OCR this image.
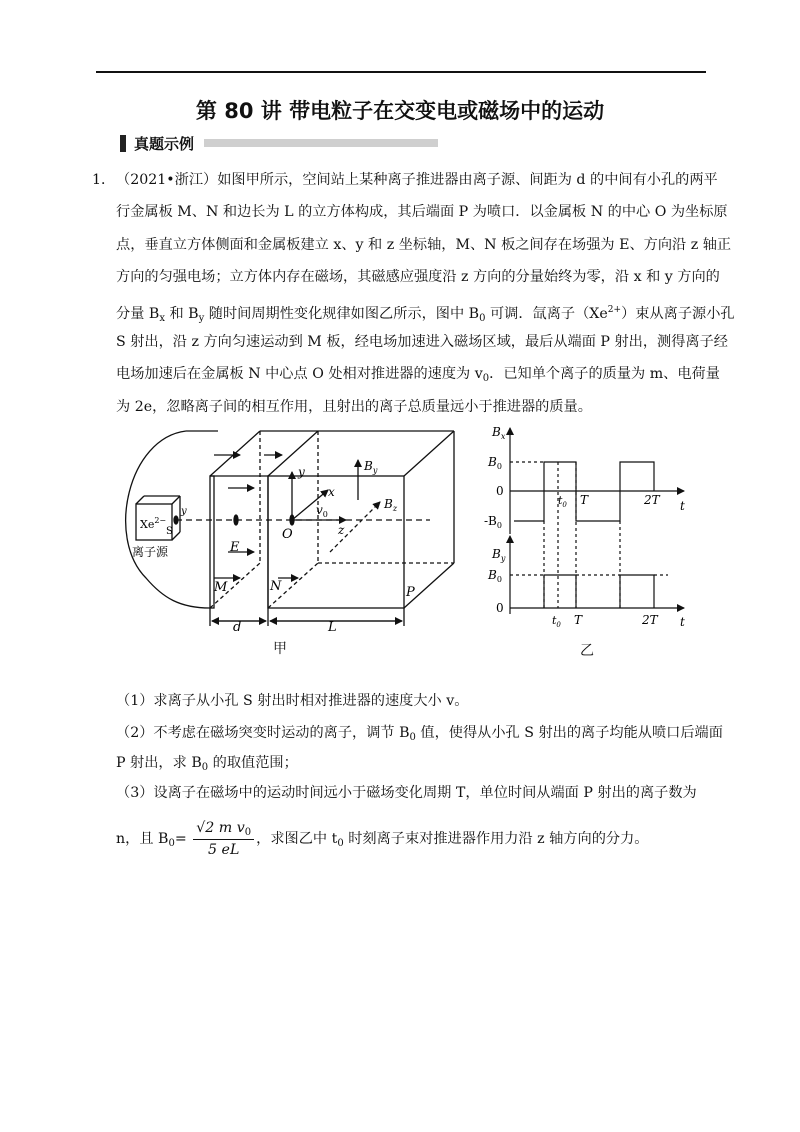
第 80 讲 带电粒子在交变电或磁场中的运动
真题示例
1． （2021•浙江）如图甲所示，空间站上某种离子推进器由离子源、间距为 d 的中间有小孔的两平
行金属板 M、N 和边长为 L 的立方体构成，其后端面 P 为喷口．以金属板 N 的中心 O 为坐标原
点，垂直立方体侧面和金属板建立 x、y 和 z 坐标轴，M、N 板之间存在场强为 E、方向沿 z 轴正
方向的匀强电场；立方体内存在磁场，其磁感应强度沿 z 方向的分量始终为零，沿 x 和 y 方向的
分量 $B_x$ 和 $B_y$ 随时间周期性变化规律如图乙所示，图中 $B_0$ 可调．氙离子$(Xe^{2+})$束从离子源小孔
S 射出，沿 z 方向匀速运动到 M 板，经电场加速进入磁场区域，最后从端面 P 射出，测得离子经
电场加速后在金属板 N 中心点 O 处相对推进器的速度为 $v_0$．已知单个离子的质量为 m、电荷量
为 2e，忽略离子间的相互作用，且射出的离子总质量远小于推进器的质量。
$Xe^{2-}$
S
y
离子源	E
M	N
O
P
y
x
z
$v_0$
$B_y$
$B_z$
d	L
甲
$B_x$
$B_0$
0
$-B_0$
$t_0$ T	2T t
$B_y$
$B_0$
0
$t_0$ T	2T t
乙
（1）求离子从小孔 S 射出时相对推进器的速度大小 v。
（2）不考虑在磁场突变时运动的离子，调节 $B_0$ 值，使得从小孔 S 射出的离子均能从喷口后端面
P 射出，求 $B_0$ 的取值范围；
（3）设离子在磁场中的运动时间远小于磁场变化周期 T，单位时间从端面 P 射出的离子数为
n，且 $B_0= \frac{√2 m v_0}{5 eL}$ ，求图乙中 $t_0$ 时刻离子束对推进器作用力沿 z 轴方向的分力。
